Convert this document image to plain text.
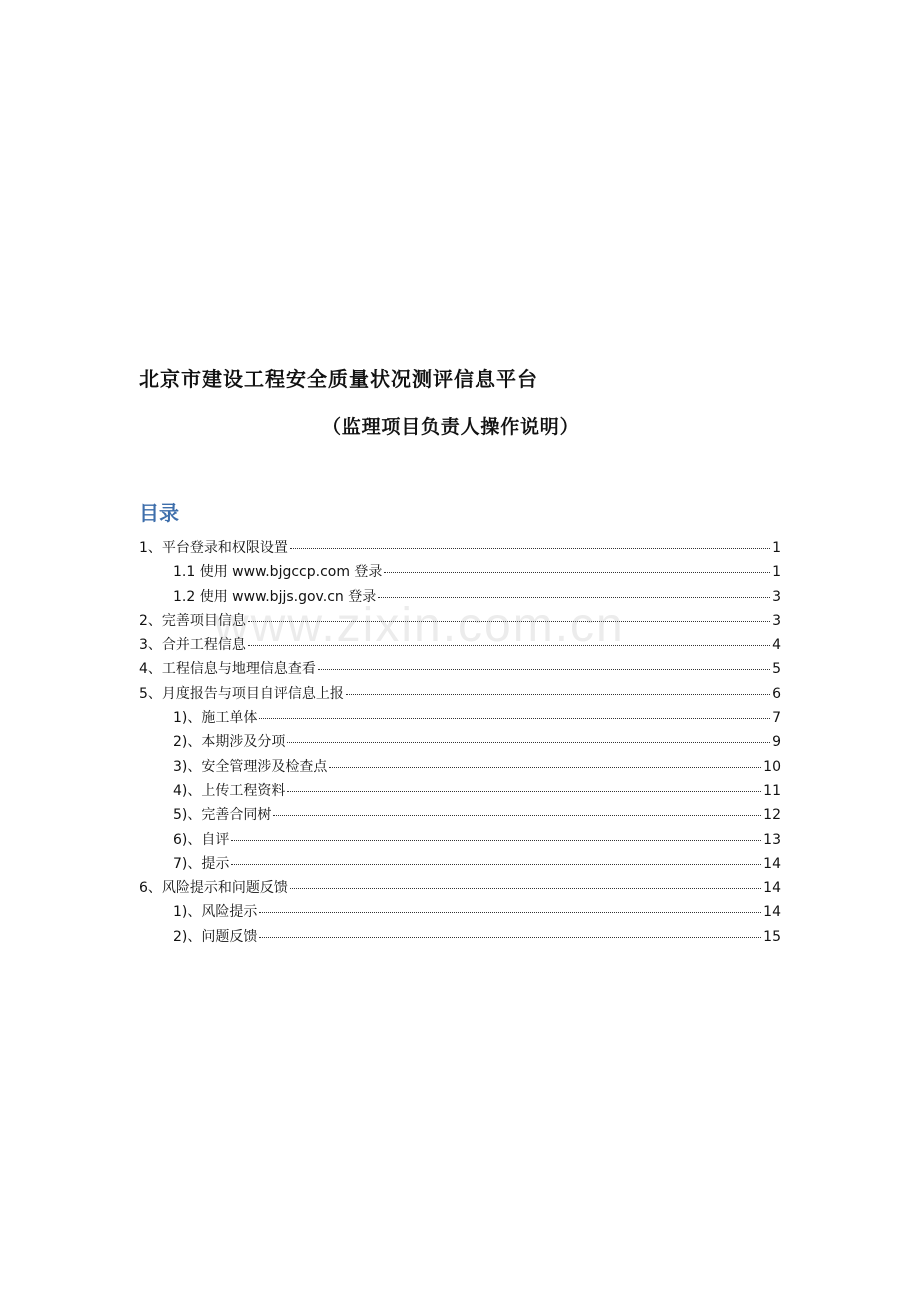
北京市建设工程安全质量状况测评信息平台
（监理项目负责人操作说明）
目录
1、平台登录和权限设置	1
1.1 使用 www.bjgccp.com 登录	1
1.2 使用 www.bjjs.gov.cn 登录	3
2、完善项目信息	3
3、合并工程信息	4
4、工程信息与地理信息查看	5
5、月度报告与项目自评信息上报	6
1)、施工单体	7
2)、本期涉及分项	9
3)、安全管理涉及检查点	10
4)、上传工程资料	11
5)、完善合同树	12
6)、自评	13
7)、提示	14
6、风险提示和问题反馈	14
1)、风险提示	14
2)、问题反馈	15
www.zixin.com.cn
